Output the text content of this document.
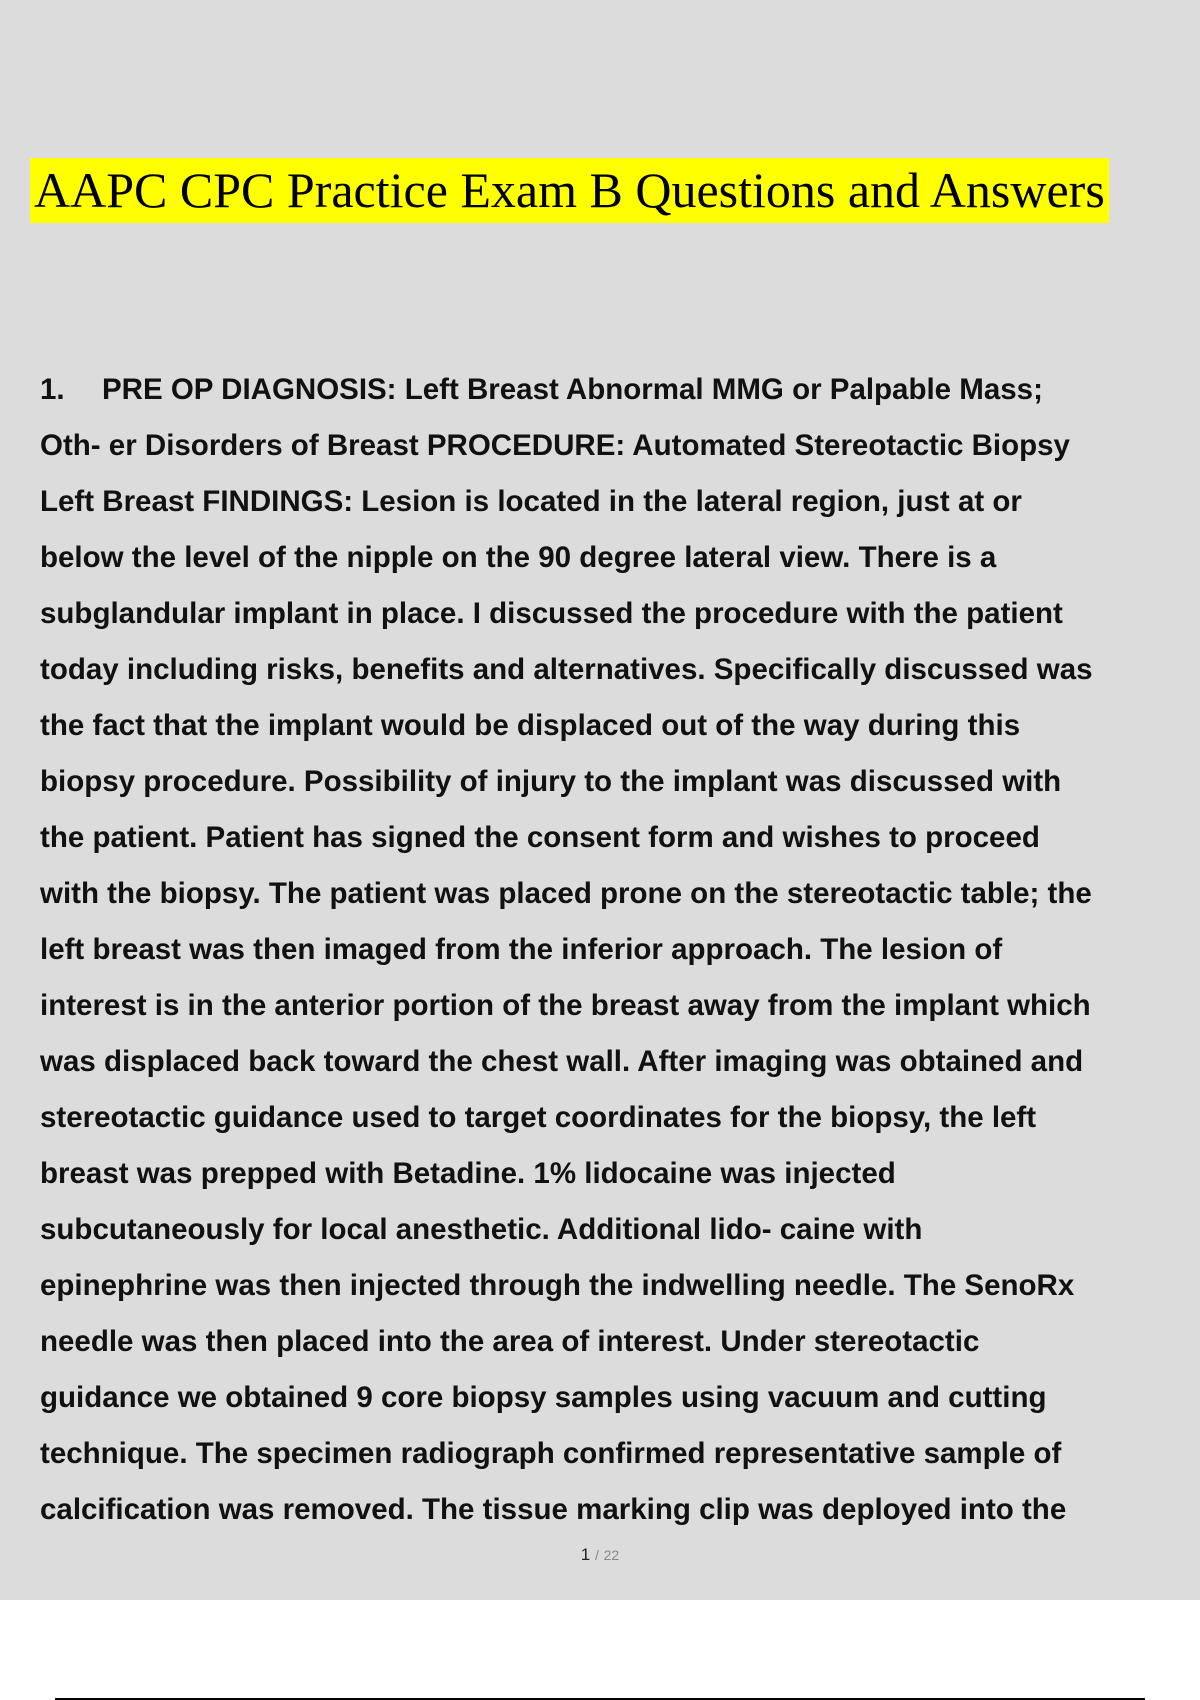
AAPC CPC Practice Exam B Questions and Answers
1. PRE OP DIAGNOSIS: Left Breast Abnormal MMG or Palpable Mass;
Oth- er Disorders of Breast PROCEDURE: Automated Stereotactic Biopsy
Left Breast FINDINGS: Lesion is located in the lateral region, just at or
below the level of the nipple on the 90 degree lateral view. There is a
subglandular implant in place. I discussed the procedure with the patient
today including risks, benefits and alternatives. Specifically discussed was
the fact that the implant would be displaced out of the way during this
biopsy procedure. Possibility of injury to the implant was discussed with
the patient. Patient has signed the consent form and wishes to proceed
with the biopsy. The patient was placed prone on the stereotactic table; the
left breast was then imaged from the inferior approach. The lesion of
interest is in the anterior portion of the breast away from the implant which
was displaced back toward the chest wall. After imaging was obtained and
stereotactic guidance used to target coordinates for the biopsy, the left
breast was prepped with Betadine. 1% lidocaine was injected
subcutaneously for local anesthetic. Additional lido- caine with
epinephrine was then injected through the indwelling needle. The SenoRx
needle was then placed into the area of interest. Under stereotactic
guidance we obtained 9 core biopsy samples using vacuum and cutting
technique. The specimen radiograph confirmed representative sample of
calcification was removed. The tissue marking clip was deployed into the
1 / 22
